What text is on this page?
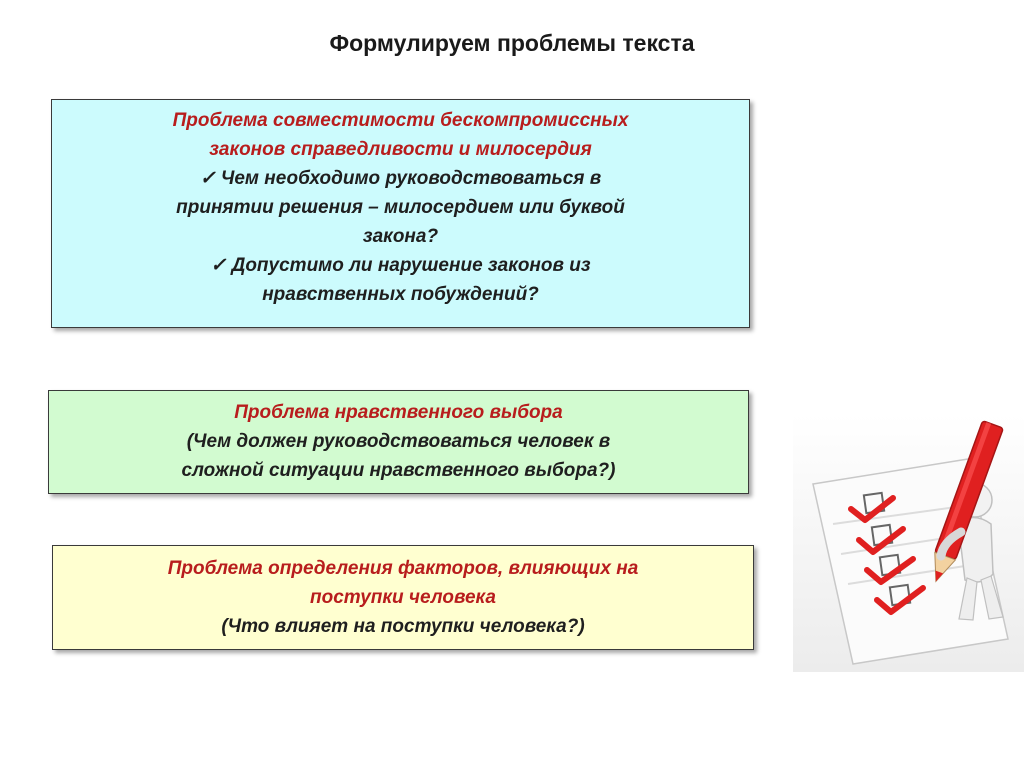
Формулируем проблемы текста
Проблема совместимости бескомпромиссных
законов справедливости и милосердия
✓ Чем необходимо руководствоваться в
принятии решения – милосердием или буквой
закона?
✓ Допустимо ли нарушение законов из
нравственных побуждений?
Проблема нравственного выбора
(Чем должен руководствоваться человек в
сложной ситуации нравственного выбора?)
Проблема определения факторов, влияющих на
поступки человека
(Что влияет на поступки человека?)
